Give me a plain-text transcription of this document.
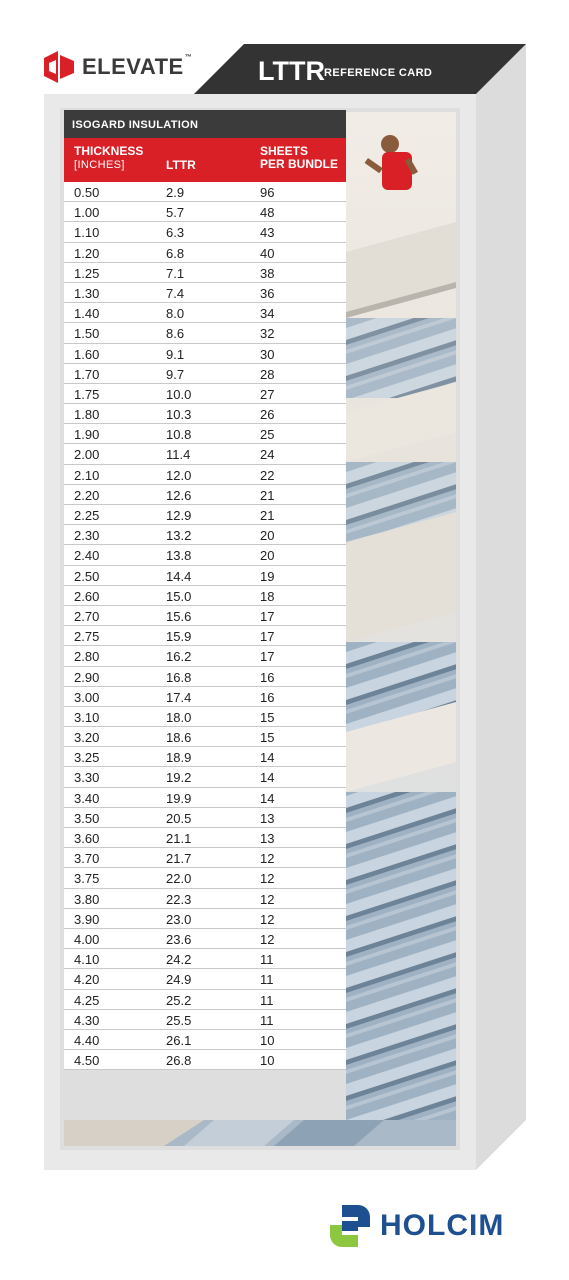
LTTR REFERENCE CARD
ELEVATE™
ISOGARD INSULATION
THICKNESS
[INCHES]	LTTR
SHEETS
PER BUNDLE
0.50	2.9	96
1.00	5.7	48
1.10	6.3	43
1.20	6.8	40
1.25	7.1	38
1.30	7.4	36
1.40	8.0	34
1.50	8.6	32
1.60	9.1	30
1.70	9.7	28
1.75	10.0	27
1.80	10.3	26
1.90	10.8	25
2.00	11.4	24
2.10	12.0	22
2.20	12.6	21
2.25	12.9	21
2.30	13.2	20
2.40	13.8	20
2.50	14.4	19
2.60	15.0	18
2.70	15.6	17
2.75	15.9	17
2.80	16.2	17
2.90	16.8	16
3.00	17.4	16
3.10	18.0	15
3.20	18.6	15
3.25	18.9	14
3.30	19.2	14
3.40	19.9	14
3.50	20.5	13
3.60	21.1	13
3.70	21.7	12
3.75	22.0	12
3.80	22.3	12
3.90	23.0	12
4.00	23.6	12
4.10	24.2	11
4.20	24.9	11
4.25	25.2	11
4.30	25.5	11
4.40	26.1	10
4.50	26.8	10
HOLCIM
